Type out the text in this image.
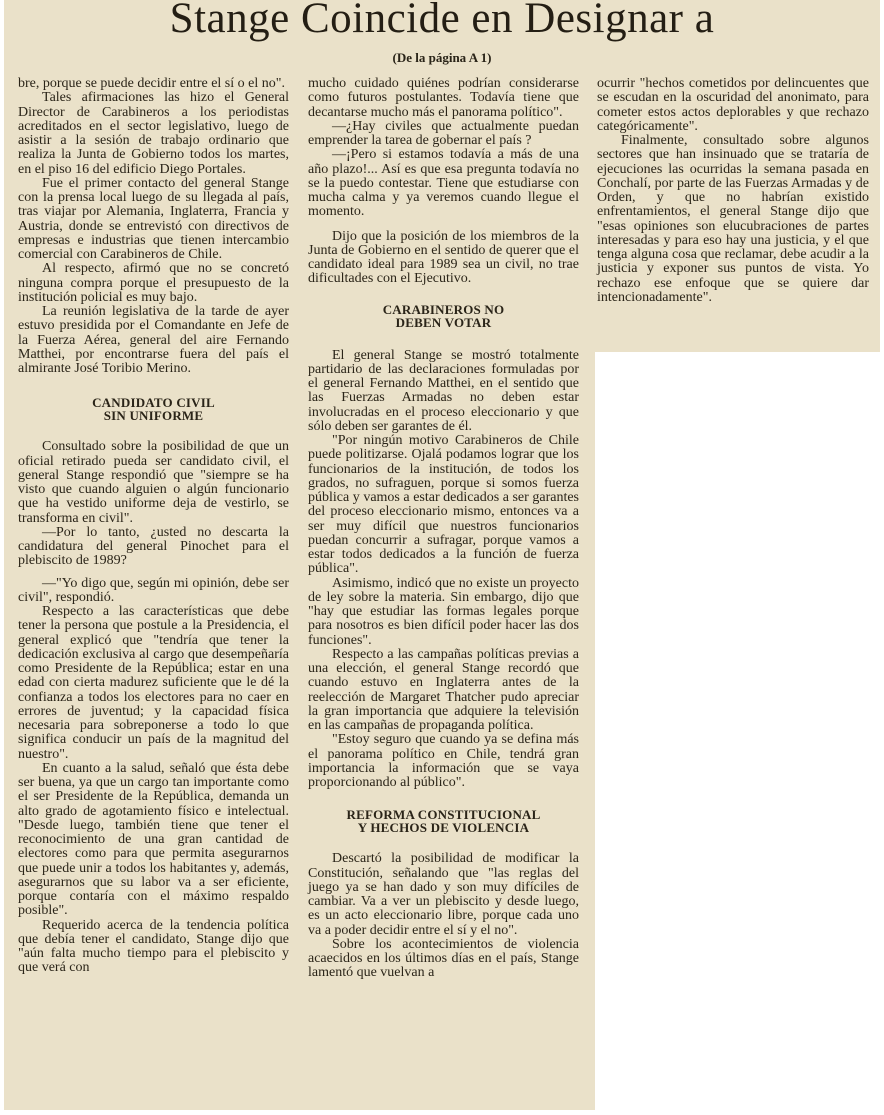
Stange Coincide en Designar a
(De la página A 1)

bre, porque se puede decidir entre el sí o el no".

Tales afirmaciones las hizo el General Director de Carabineros a los periodistas acreditados en el sector legislativo, luego de asistir a la sesión de trabajo ordinario que realiza la Junta de Gobierno todos los martes, en el piso 16 del edificio Diego Portales.

Fue el primer contacto del general Stange con la prensa local luego de su llegada al país, tras viajar por Alemania, Inglaterra, Francia y Austria, donde se entrevistó con directivos de empresas e industrias que tienen intercambio comercial con Carabineros de Chile.

Al respecto, afirmó que no se concretó ninguna compra porque el presupuesto de la institución policial es muy bajo.

La reunión legislativa de la tarde de ayer estuvo presidida por el Comandante en Jefe de la Fuerza Aérea, general del aire Fernando Matthei, por encontrarse fuera del país el almirante José Toribio Merino.

CANDIDATO CIVIL
SIN UNIFORME

Consultado sobre la posibilidad de que un oficial retirado pueda ser candidato civil, el general Stange respondió que "siempre se ha visto que cuando alguien o algún funcionario que ha vestido uniforme deja de vestirlo, se transforma en civil".

—Por lo tanto, ¿usted no descarta la candidatura del general Pinochet para el plebiscito de 1989?

—"Yo digo que, según mi opinión, debe ser civil", respondió.

Respecto a las características que debe tener la persona que postule a la Presidencia, el general explicó que "tendría que tener la dedicación exclusiva al cargo que desempeñaría como Presidente de la República; estar en una edad con cierta madurez suficiente que le dé la confianza a todos los electores para no caer en errores de juventud; y la capacidad física necesaria para sobreponerse a todo lo que significa conducir un país de la magnitud del nuestro".

En cuanto a la salud, señaló que ésta debe ser buena, ya que un cargo tan importante como el ser Presidente de la República, demanda un alto grado de agotamiento físico e intelectual. "Desde luego, también tiene que tener el reconocimiento de una gran cantidad de electores como para que permita asegurarnos que puede unir a todos los habitantes y, además, asegurarnos que su labor va a ser eficiente, porque contaría con el máximo respaldo posible".

Requerido acerca de la tendencia política que debía tener el candidato, Stange dijo que "aún falta mucho tiempo para el plebiscito y que verá con

mucho cuidado quiénes podrían considerarse como futuros postulantes. Todavía tiene que decantarse mucho más el panorama político".

—¿Hay civiles que actualmente puedan emprender la tarea de gobernar el país ?

—¡Pero si estamos todavía a más de una año plazo!... Así es que esa pregunta todavía no se la puedo contestar. Tiene que estudiarse con mucha calma y ya veremos cuando llegue el momento.

Dijo que la posición de los miembros de la Junta de Gobierno en el sentido de querer que el candidato ideal para 1989 sea un civil, no trae dificultades con el Ejecutivo.

CARABINEROS NO
DEBEN VOTAR

El general Stange se mostró totalmente partidario de las declaraciones formuladas por el general Fernando Matthei, en el sentido que las Fuerzas Armadas no deben estar involucradas en el proceso eleccionario y que sólo deben ser garantes de él.

"Por ningún motivo Carabineros de Chile puede politizarse. Ojalá podamos lograr que los funcionarios de la institución, de todos los grados, no sufraguen, porque si somos fuerza pública y vamos a estar dedicados a ser garantes del proceso eleccionario mismo, entonces va a ser muy difícil que nuestros funcionarios puedan concurrir a sufragar, porque vamos a estar todos dedicados a la función de fuerza pública".

Asimismo, indicó que no existe un proyecto de ley sobre la materia. Sin embargo, dijo que "hay que estudiar las formas legales porque para nosotros es bien difícil poder hacer las dos funciones".

Respecto a las campañas políticas previas a una elección, el general Stange recordó que cuando estuvo en Inglaterra antes de la reelección de Margaret Thatcher pudo apreciar la gran importancia que adquiere la televisión en las campañas de propaganda política.

"Estoy seguro que cuando ya se defina más el panorama político en Chile, tendrá gran importancia la información que se vaya proporcionando al público".

REFORMA CONSTITUCIONAL
Y HECHOS DE VIOLENCIA

Descartó la posibilidad de modificar la Constitución, señalando que "las reglas del juego ya se han dado y son muy difíciles de cambiar. Va a ver un plebiscito y desde luego, es un acto eleccionario libre, porque cada uno va a poder decidir entre el sí y el no".

Sobre los acontecimientos de violencia acaecidos en los últimos días en el país, Stange lamentó que vuelvan a

ocurrir "hechos cometidos por delincuentes que se escudan en la oscuridad del anonimato, para cometer estos actos deplorables y que rechazo categóricamente".

Finalmente, consultado sobre algunos sectores que han insinuado que se trataría de ejecuciones las ocurridas la semana pasada en Conchalí, por parte de las Fuerzas Armadas y de Orden, y que no habrían existido enfrentamientos, el general Stange dijo que "esas opiniones son elucubraciones de partes interesadas y para eso hay una justicia, y el que tenga alguna cosa que reclamar, debe acudir a la justicia y exponer sus puntos de vista. Yo rechazo ese enfoque que se quiere dar intencionadamente".
